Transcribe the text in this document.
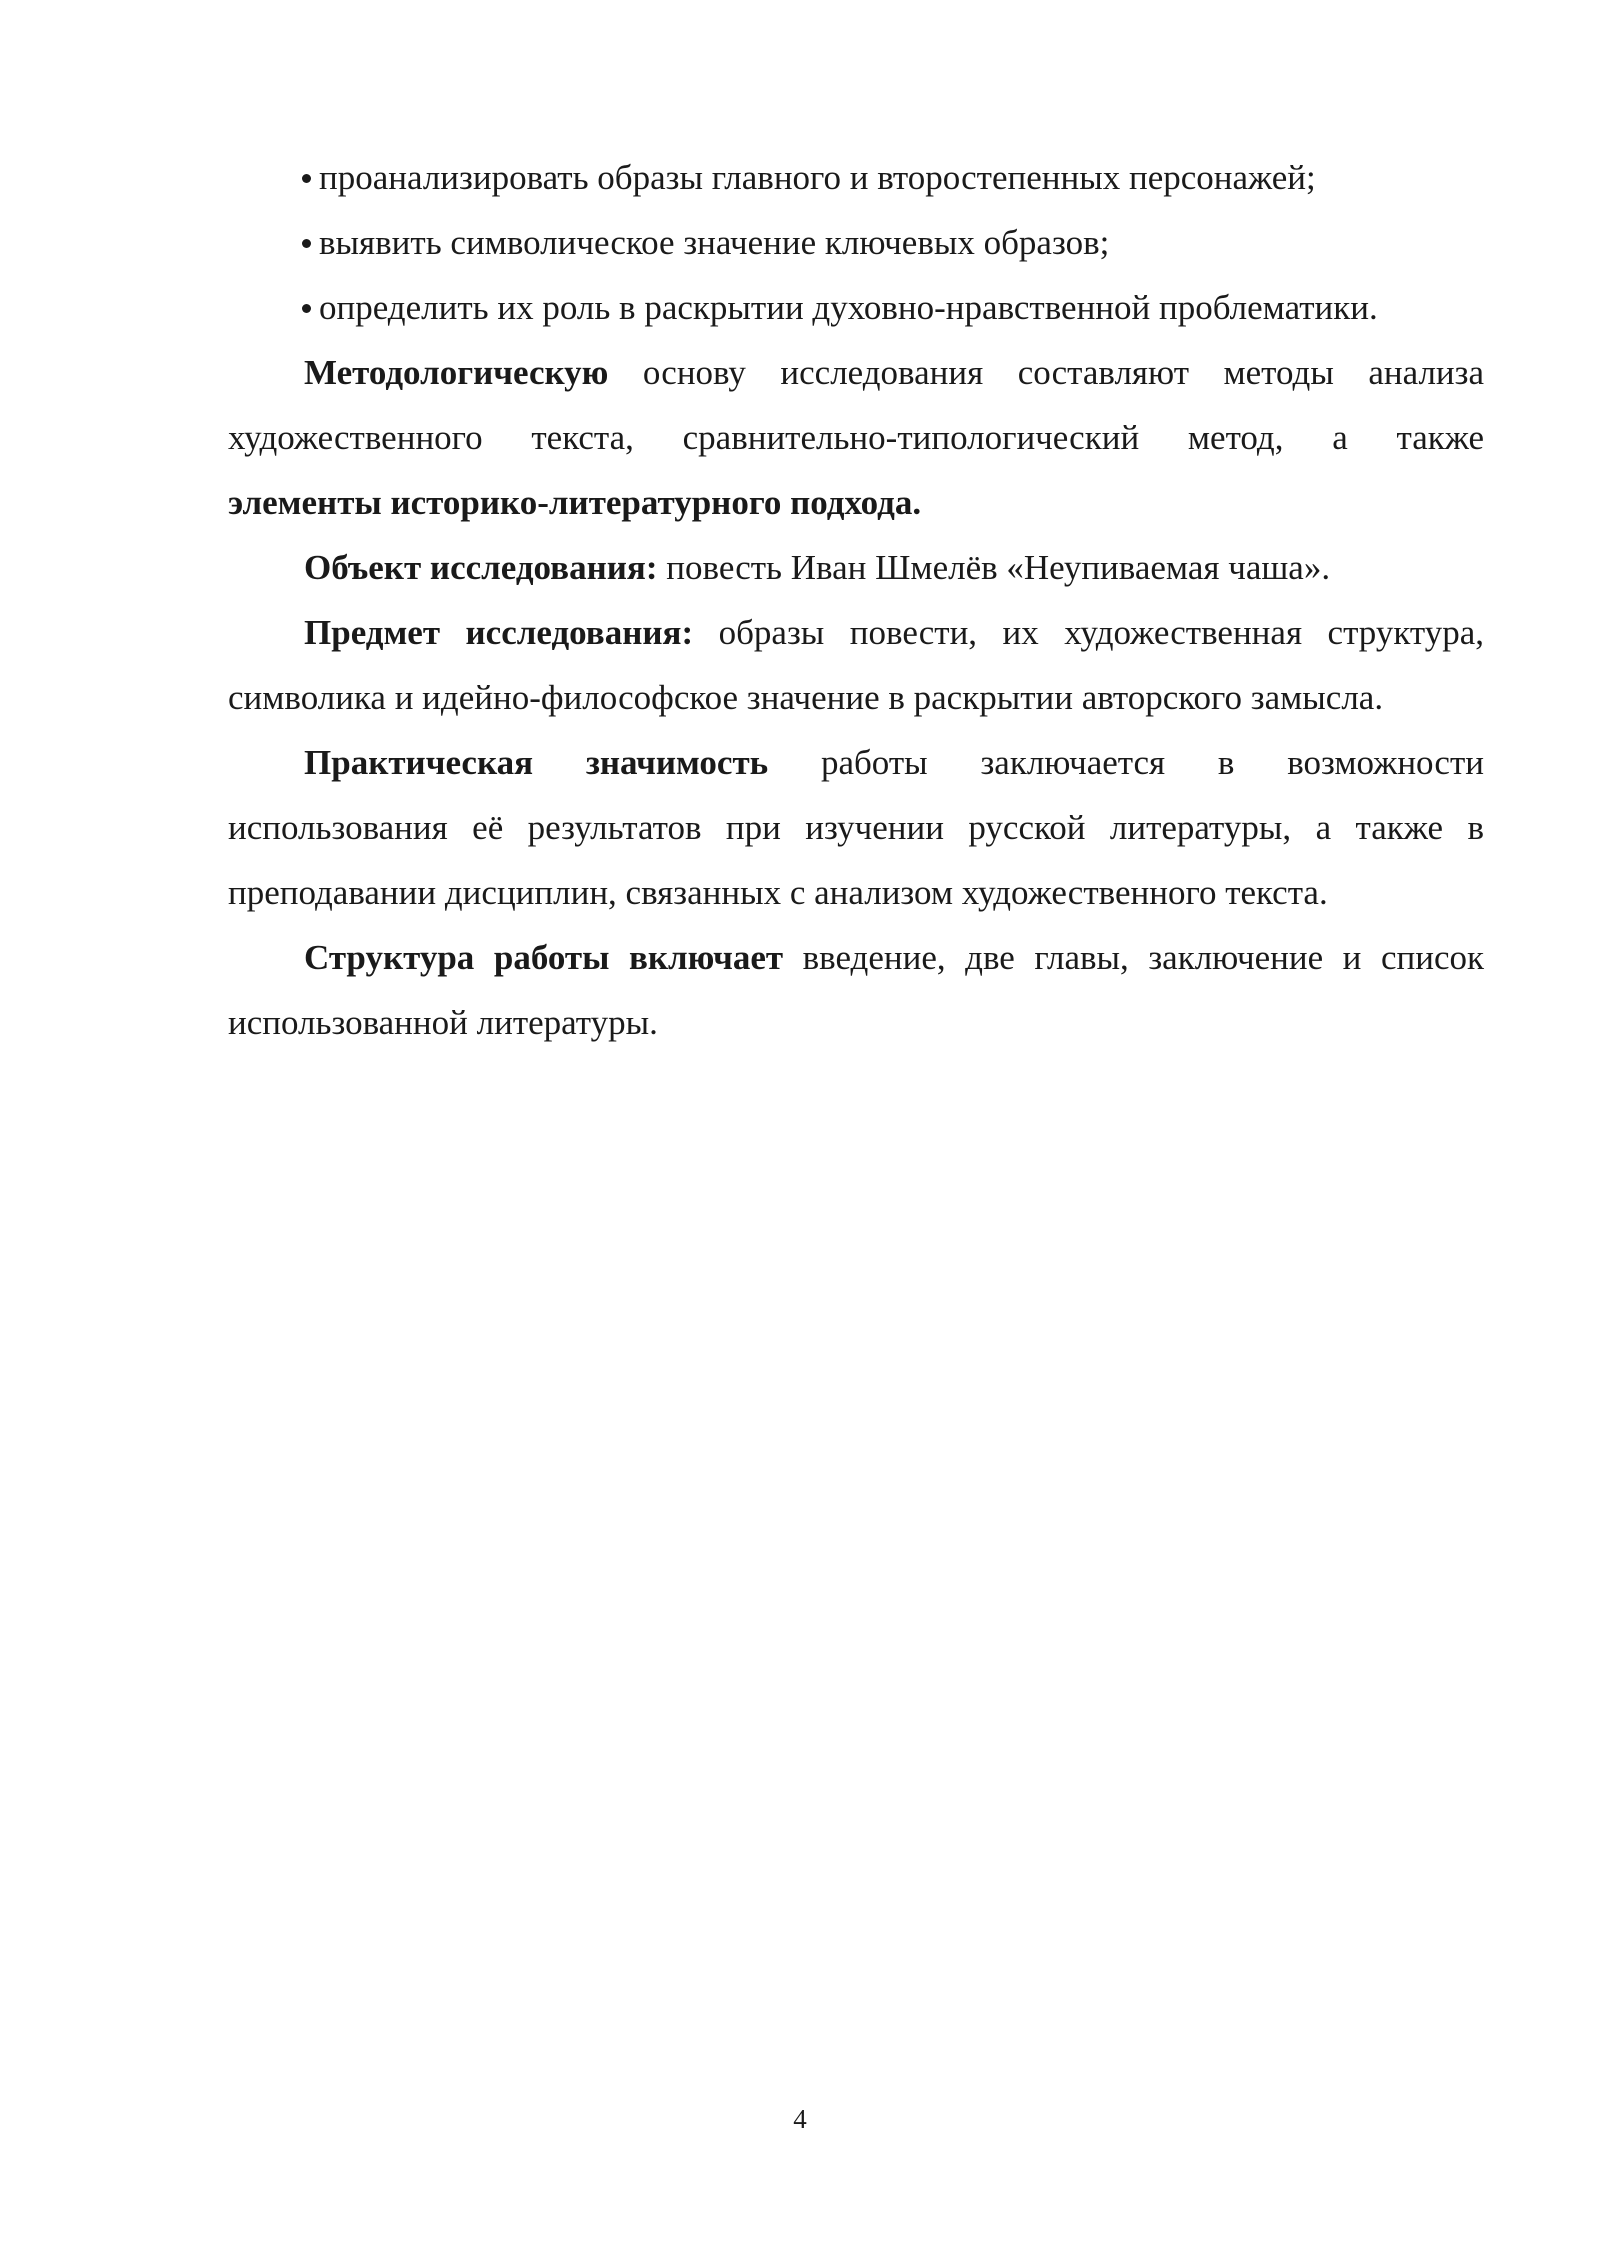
проанализировать образы главного и второстепенных персонажей;
выявить символическое значение ключевых образов;
определить их роль в раскрытии духовно-нравственной проблематики.
Методологическую основу исследования составляют методы анализа
художественного текста, сравнительно-типологический метод, а также
элементы историко-литературного подхода.
Объект исследования: повесть Иван Шмелёв «Неупиваемая чаша».
Предмет исследования: образы повести, их художественная структура,
символика и идейно-философское значение в раскрытии авторского замысла.
Практическая значимость работы заключается в возможности
использования её результатов при изучении русской литературы, а также в
преподавании дисциплин, связанных с анализом художественного текста.
Структура работы включает введение, две главы, заключение и список
использованной литературы.
4
